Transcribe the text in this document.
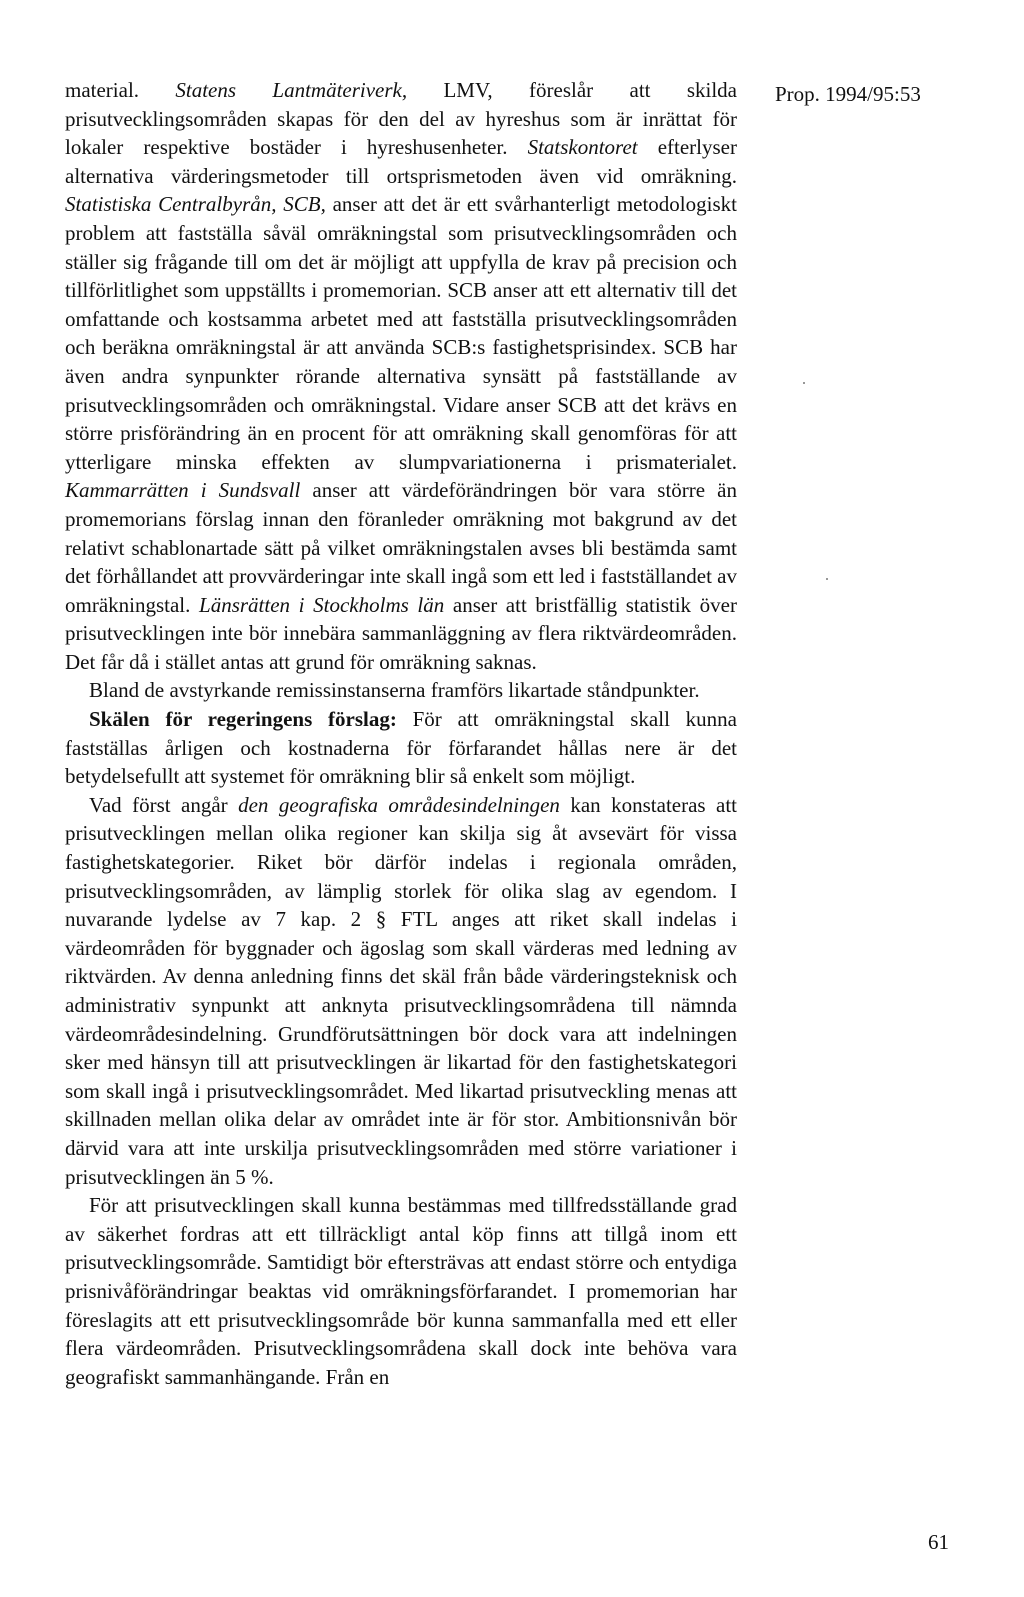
Prop. 1994/95:53

material. Statens Lantmäteriverk, LMV, föreslår att skilda prisutvecklingsområden skapas för den del av hyreshus som är inrättat för lokaler respektive bostäder i hyreshusenheter. Statskontoret efterlyser alternativa värderingsmetoder till ortsprismetoden även vid omräkning. Statistiska Centralbyrån, SCB, anser att det är ett svårhanterligt metodologiskt problem att fastställa såväl omräkningstal som prisutvecklingsområden och ställer sig frågande till om det är möjligt att uppfylla de krav på precision och tillförlitlighet som uppställts i promemorian. SCB anser att ett alternativ till det omfattande och kostsamma arbetet med att fastställa prisutvecklingsområden och beräkna omräkningstal är att använda SCB:s fastighetsprisindex. SCB har även andra synpunkter rörande alternativa synsätt på fastställande av prisutvecklingsområden och omräkningstal. Vidare anser SCB att det krävs en större prisförändring än en procent för att omräkning skall genomföras för att ytterligare minska effekten av slumpvariationerna i prismaterialet. Kammarrätten i Sundsvall anser att värdeförändringen bör vara större än promemorians förslag innan den föranleder omräkning mot bakgrund av det relativt schablonartade sätt på vilket omräkningstalen avses bli bestämda samt det förhållandet att provvärderingar inte skall ingå som ett led i fastställandet av omräkningstal. Länsrätten i Stockholms län anser att bristfällig statistik över prisutvecklingen inte bör innebära sammanläggning av flera riktvärdeområden. Det får då i stället antas att grund för omräkning saknas.

Bland de avstyrkande remissinstanserna framförs likartade ståndpunkter.

Skälen för regeringens förslag: För att omräkningstal skall kunna fastställas årligen och kostnaderna för förfarandet hållas nere är det betydelsefullt att systemet för omräkning blir så enkelt som möjligt.

Vad först angår den geografiska områdesindelningen kan konstateras att prisutvecklingen mellan olika regioner kan skilja sig åt avsevärt för vissa fastighetskategorier. Riket bör därför indelas i regionala områden, prisutvecklingsområden, av lämplig storlek för olika slag av egendom. I nuvarande lydelse av 7 kap. 2 § FTL anges att riket skall indelas i värdeområden för byggnader och ägoslag som skall värderas med ledning av riktvärden. Av denna anledning finns det skäl från både värderingsteknisk och administrativ synpunkt att anknyta prisutvecklingsområdena till nämnda värdeområdesindelning. Grundförutsättningen bör dock vara att indelningen sker med hänsyn till att prisutvecklingen är likartad för den fastighetskategori som skall ingå i prisutvecklingsområdet. Med likartad prisutveckling menas att skillnaden mellan olika delar av området inte är för stor. Ambitionsnivån bör därvid vara att inte urskilja prisutvecklingsområden med större variationer i prisutvecklingen än 5 %.

För att prisutvecklingen skall kunna bestämmas med tillfredsställande grad av säkerhet fordras att ett tillräckligt antal köp finns att tillgå inom ett prisutvecklingsområde. Samtidigt bör eftersträvas att endast större och entydiga prisnivåförändringar beaktas vid omräkningsförfarandet. I promemorian har föreslagits att ett prisutvecklingsområde bör kunna sammanfalla med ett eller flera värdeområden. Prisutvecklingsområdena skall dock inte behöva vara geografiskt sammanhängande. Från en

61
